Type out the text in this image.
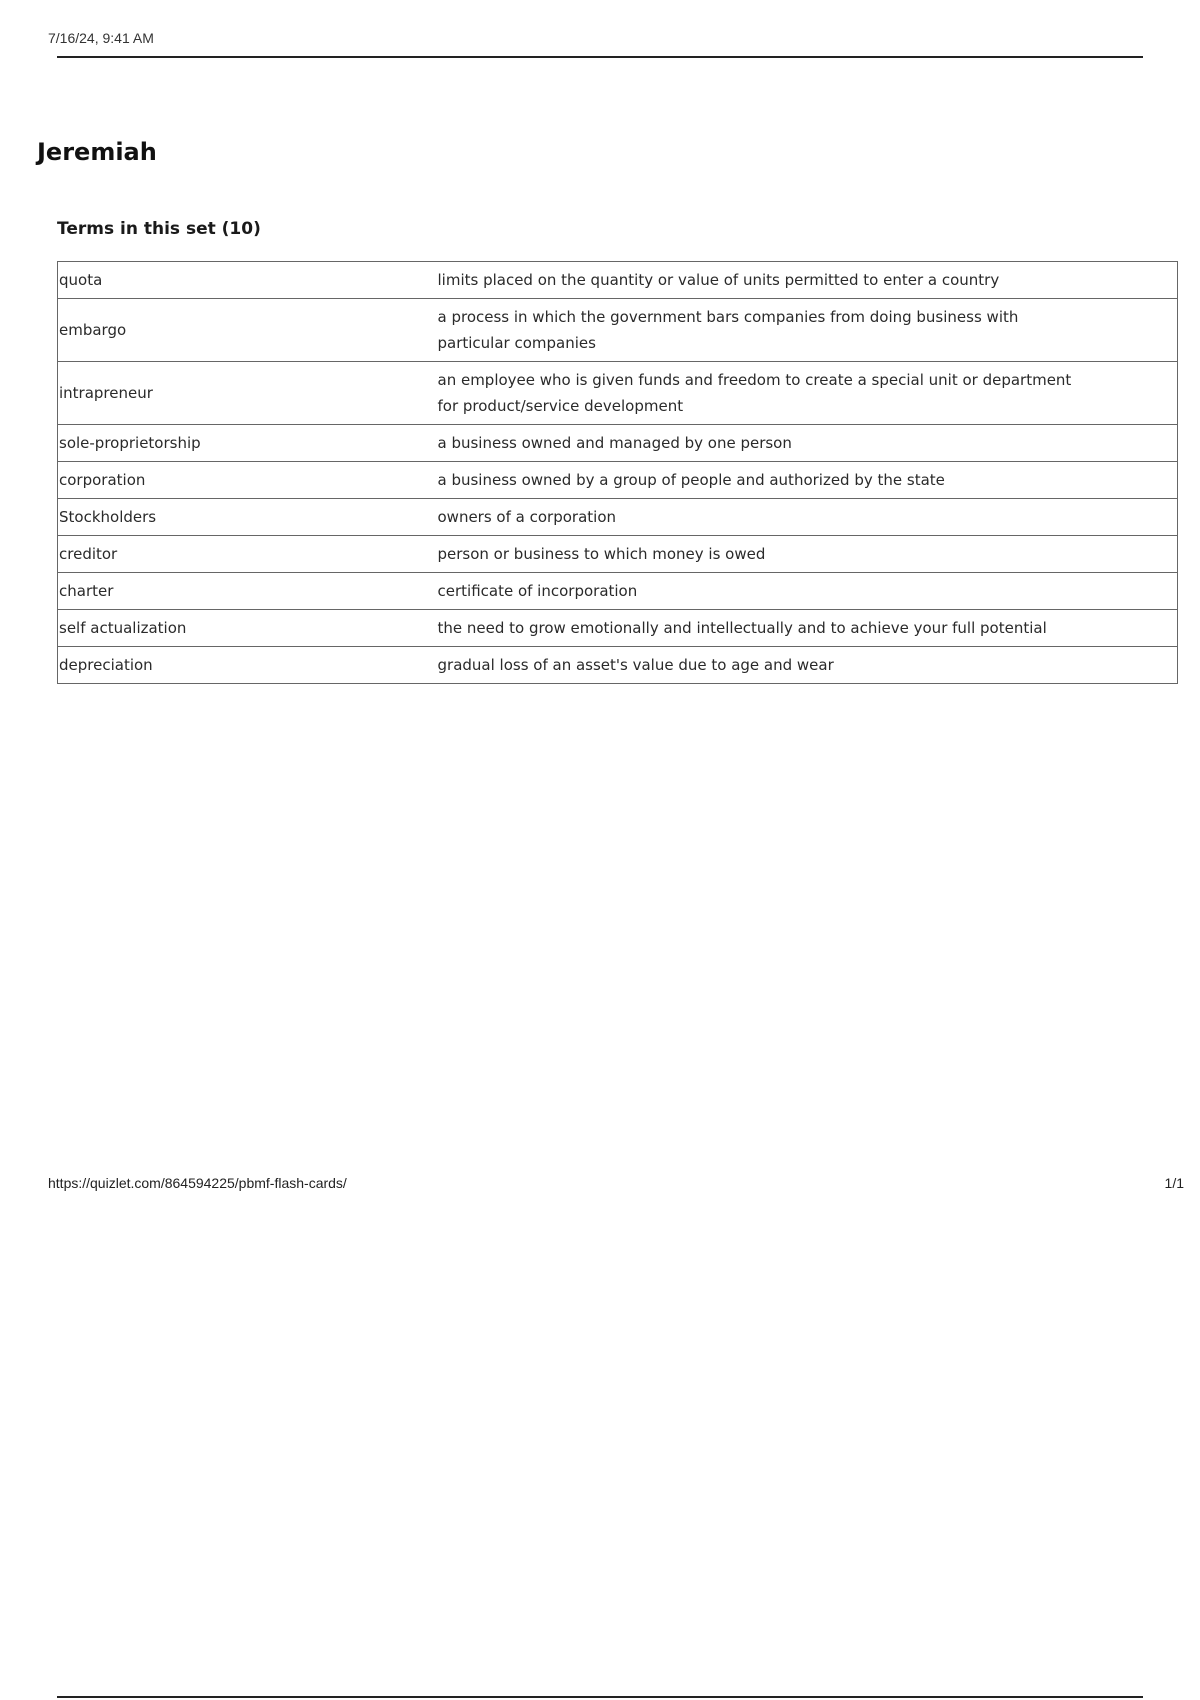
7/16/24, 9:41 AM
Jeremiah
Terms in this set (10)
quota	limits placed on the quantity or value of units permitted to enter a country
embargo	a process in which the government bars companies from doing business with particular companies
intrapreneur	an employee who is given funds and freedom to create a special unit or department for product/service development
sole-proprietorship	a business owned and managed by one person
corporation	a business owned by a group of people and authorized by the state
Stockholders	owners of a corporation
creditor	person or business to which money is owed
charter	certificate of incorporation
self actualization	the need to grow emotionally and intellectually and to achieve your full potential
depreciation	gradual loss of an asset's value due to age and wear
https://quizlet.com/864594225/pbmf-flash-cards/	1/1
